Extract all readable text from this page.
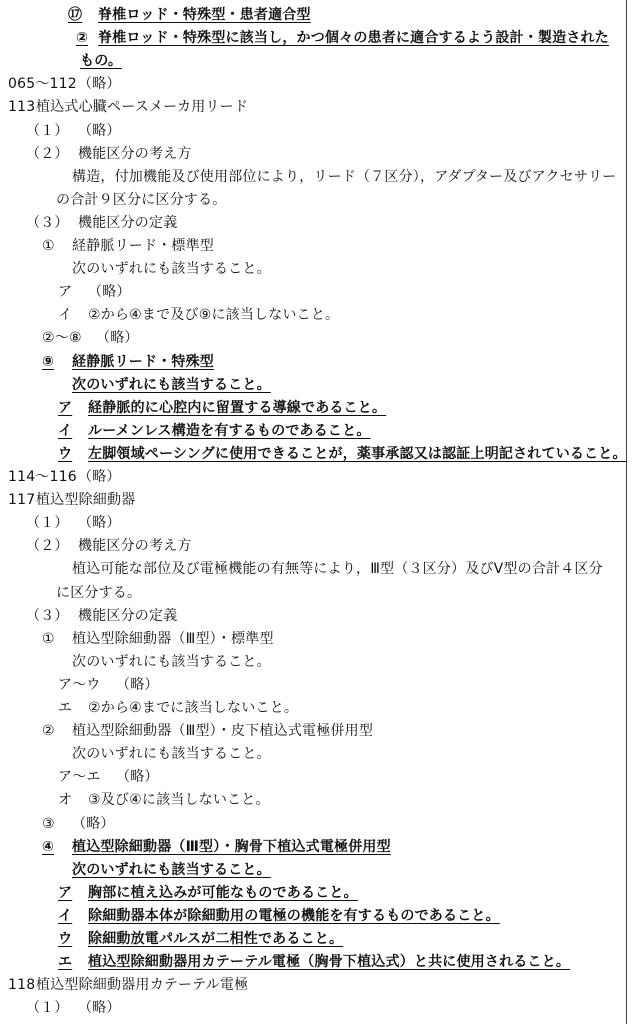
⑰ 脊椎ロッド・特殊型・患者適合型
② 脊椎ロッド・特殊型に該当し，かつ個々の患者に適合するよう設計・製造された
もの。
065～112 （略）
113 植込式心臓ペースメーカ用リード
（１） （略）
（２） 機能区分の考え方
構造，付加機能及び使用部位により，リード（７区分），アダプター及びアクセサリー
の合計９区分に区分する。
（３） 機能区分の定義
① 経静脈リード・標準型
次のいずれにも該当すること。
ア （略）
イ ②から④まで及び⑨に該当しないこと。
②～⑧ （略）
⑨ 経静脈リード・特殊型
次のいずれにも該当すること。
ア 経静脈的に心腔内に留置する導線であること。
イ ルーメンレス構造を有するものであること。
ウ 左脚領域ペーシングに使用できることが，薬事承認又は認証上明記されていること。
114～116 （略）
117 植込型除細動器
（１） （略）
（２） 機能区分の考え方
植込可能な部位及び電極機能の有無等により，Ⅲ型（３区分）及びⅤ型の合計４区分
に区分する。
（３） 機能区分の定義
① 植込型除細動器（Ⅲ型）・標準型
次のいずれにも該当すること。
ア～ウ （略）
エ ②から④までに該当しないこと。
② 植込型除細動器（Ⅲ型）・皮下植込式電極併用型
次のいずれにも該当すること。
ア～エ （略）
オ ③及び④に該当しないこと。
③ （略）
④ 植込型除細動器（Ⅲ型）・胸骨下植込式電極併用型
次のいずれにも該当すること。
ア 胸部に植え込みが可能なものであること。
イ 除細動器本体が除細動用の電極の機能を有するものであること。
ウ 除細動放電パルスが二相性であること。
エ 植込型除細動器用カテーテル電極（胸骨下植込式）と共に使用されること。
118 植込型除細動器用カテーテル電極
（１） （略）
